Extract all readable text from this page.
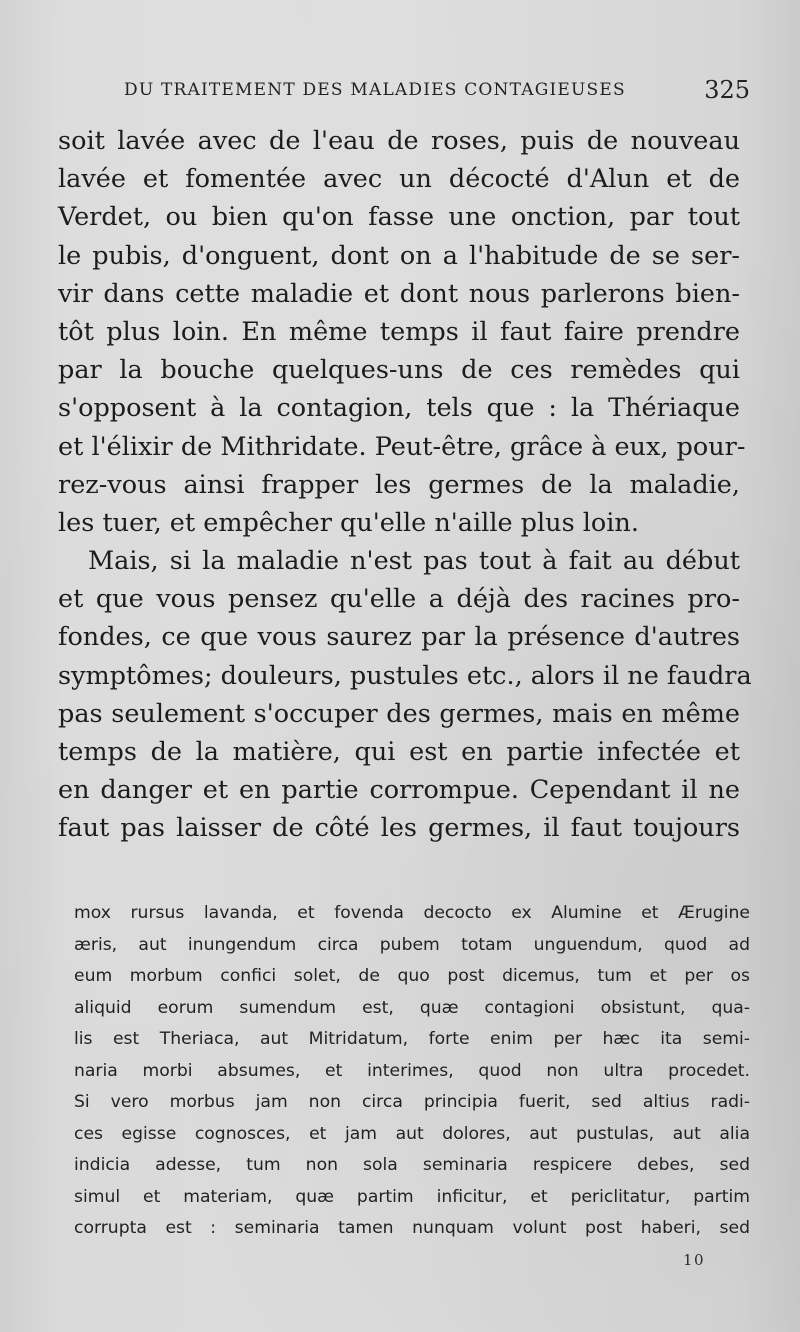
DU TRAITEMENT DES MALADIES CONTAGIEUSES	325
soit lavée avec de l'eau de roses, puis de nouveau
lavée et fomentée avec un décocté d'Alun et de
Verdet, ou bien qu'on fasse une onction, par tout
le pubis, d'onguent, dont on a l'habitude de se ser-
vir dans cette maladie et dont nous parlerons bien-
tôt plus loin. En même temps il faut faire prendre
par la bouche quelques-uns de ces remèdes qui
s'opposent à la contagion, tels que : la Thériaque
et l'élixir de Mithridate. Peut-être, grâce à eux, pour-
rez-vous ainsi frapper les germes de la maladie,
les tuer, et empêcher qu'elle n'aille plus loin.
Mais, si la maladie n'est pas tout à fait au début
et que vous pensez qu'elle a déjà des racines pro-
fondes, ce que vous saurez par la présence d'autres
symptômes; douleurs, pustules etc., alors il ne faudra
pas seulement s'occuper des germes, mais en même
temps de la matière, qui est en partie infectée et
en danger et en partie corrompue. Cependant il ne
faut pas laisser de côté les germes, il faut toujours
mox rursus lavanda, et fovenda decocto ex Alumine et Ærugine
æris, aut inungendum circa pubem totam unguendum, quod ad
eum morbum confici solet, de quo post dicemus, tum et per os
aliquid eorum sumendum est, quæ contagioni obsistunt, qua-
lis est Theriaca, aut Mitridatum, forte enim per hæc ita semi-
naria morbi absumes, et interimes, quod non ultra procedet.
Si vero morbus jam non circa principia fuerit, sed altius radi-
ces egisse cognosces, et jam aut dolores, aut pustulas, aut alia
indicia adesse, tum non sola seminaria respicere debes, sed
simul et materiam, quæ partim inficitur, et periclitatur, partim
corrupta est : seminaria tamen nunquam volunt post haberi, sed
10
